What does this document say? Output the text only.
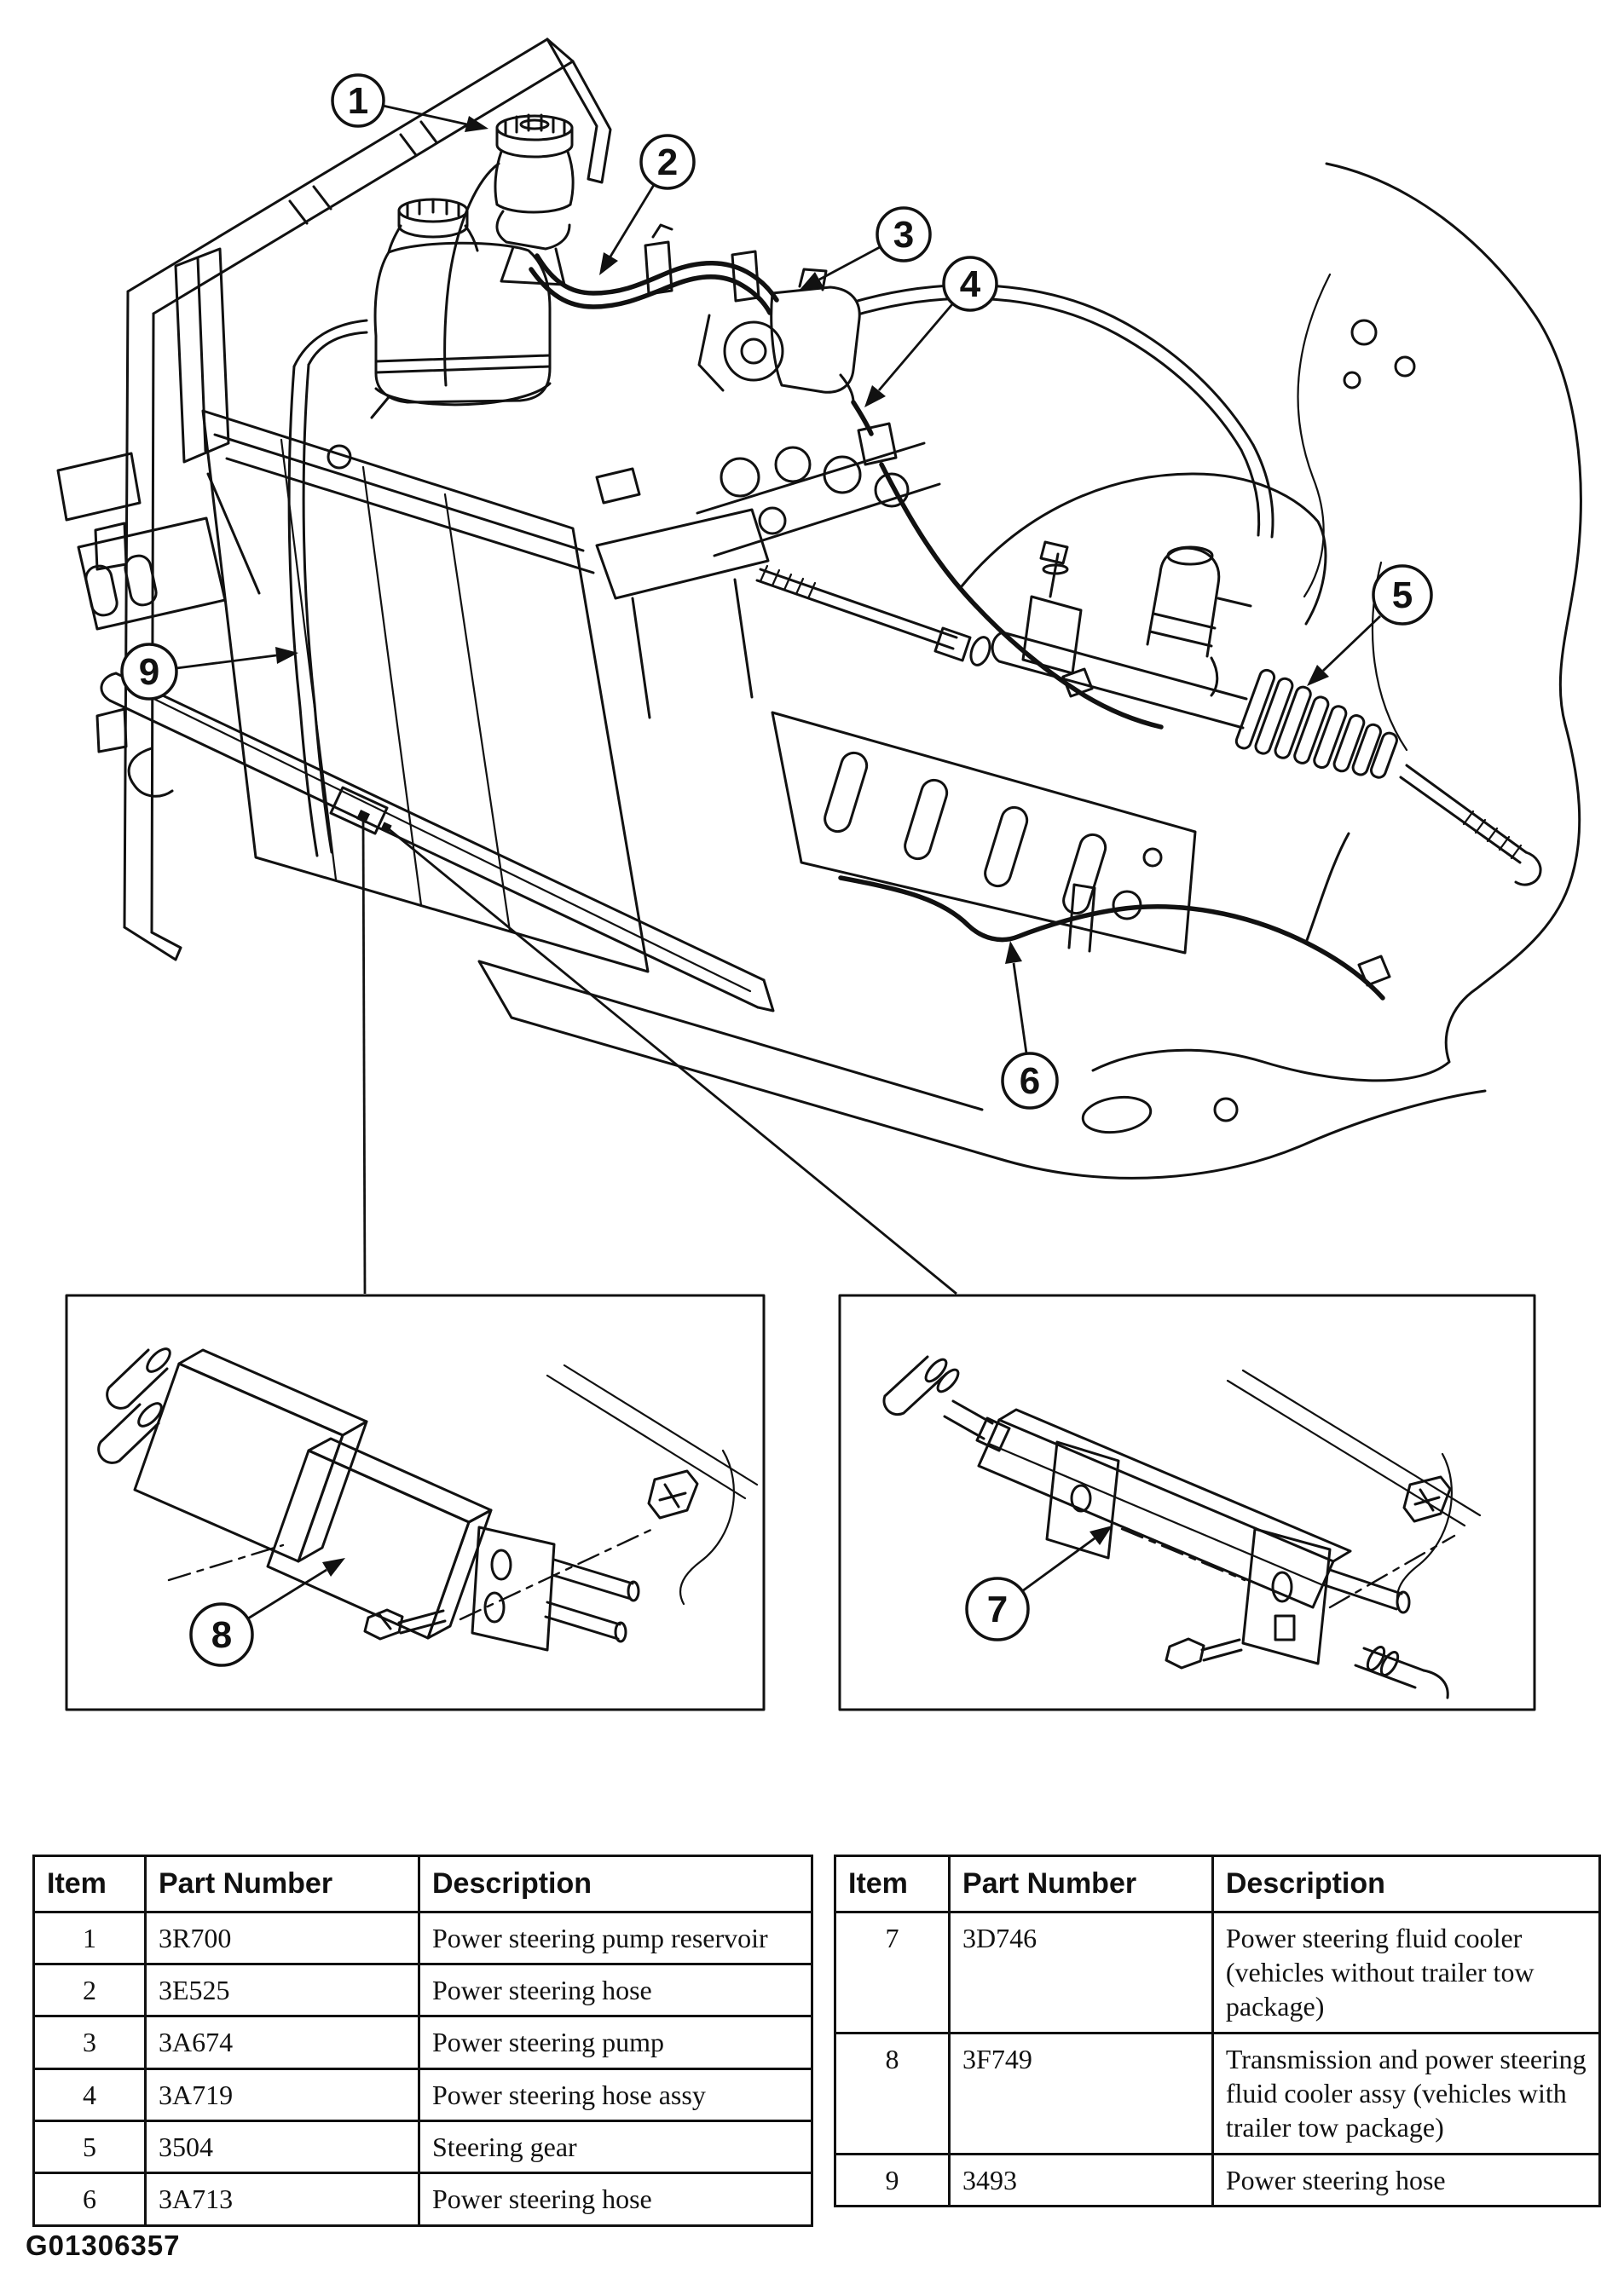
1
2
3
4
5
6
9
8
7
Item	Part Number	Description
1	3R700	Power steering pump reservoir
2	3E525	Power steering hose
3	3A674	Power steering pump
4	3A719	Power steering hose assy
5	3504	Steering gear
6	3A713	Power steering hose
Item	Part Number	Description
7	3D746	Power steering fluid cooler (vehicles without trailer tow package)
8	3F749	Transmission and power steering fluid cooler assy (vehicles with trailer tow package)
9	3493	Power steering hose
G01306357
